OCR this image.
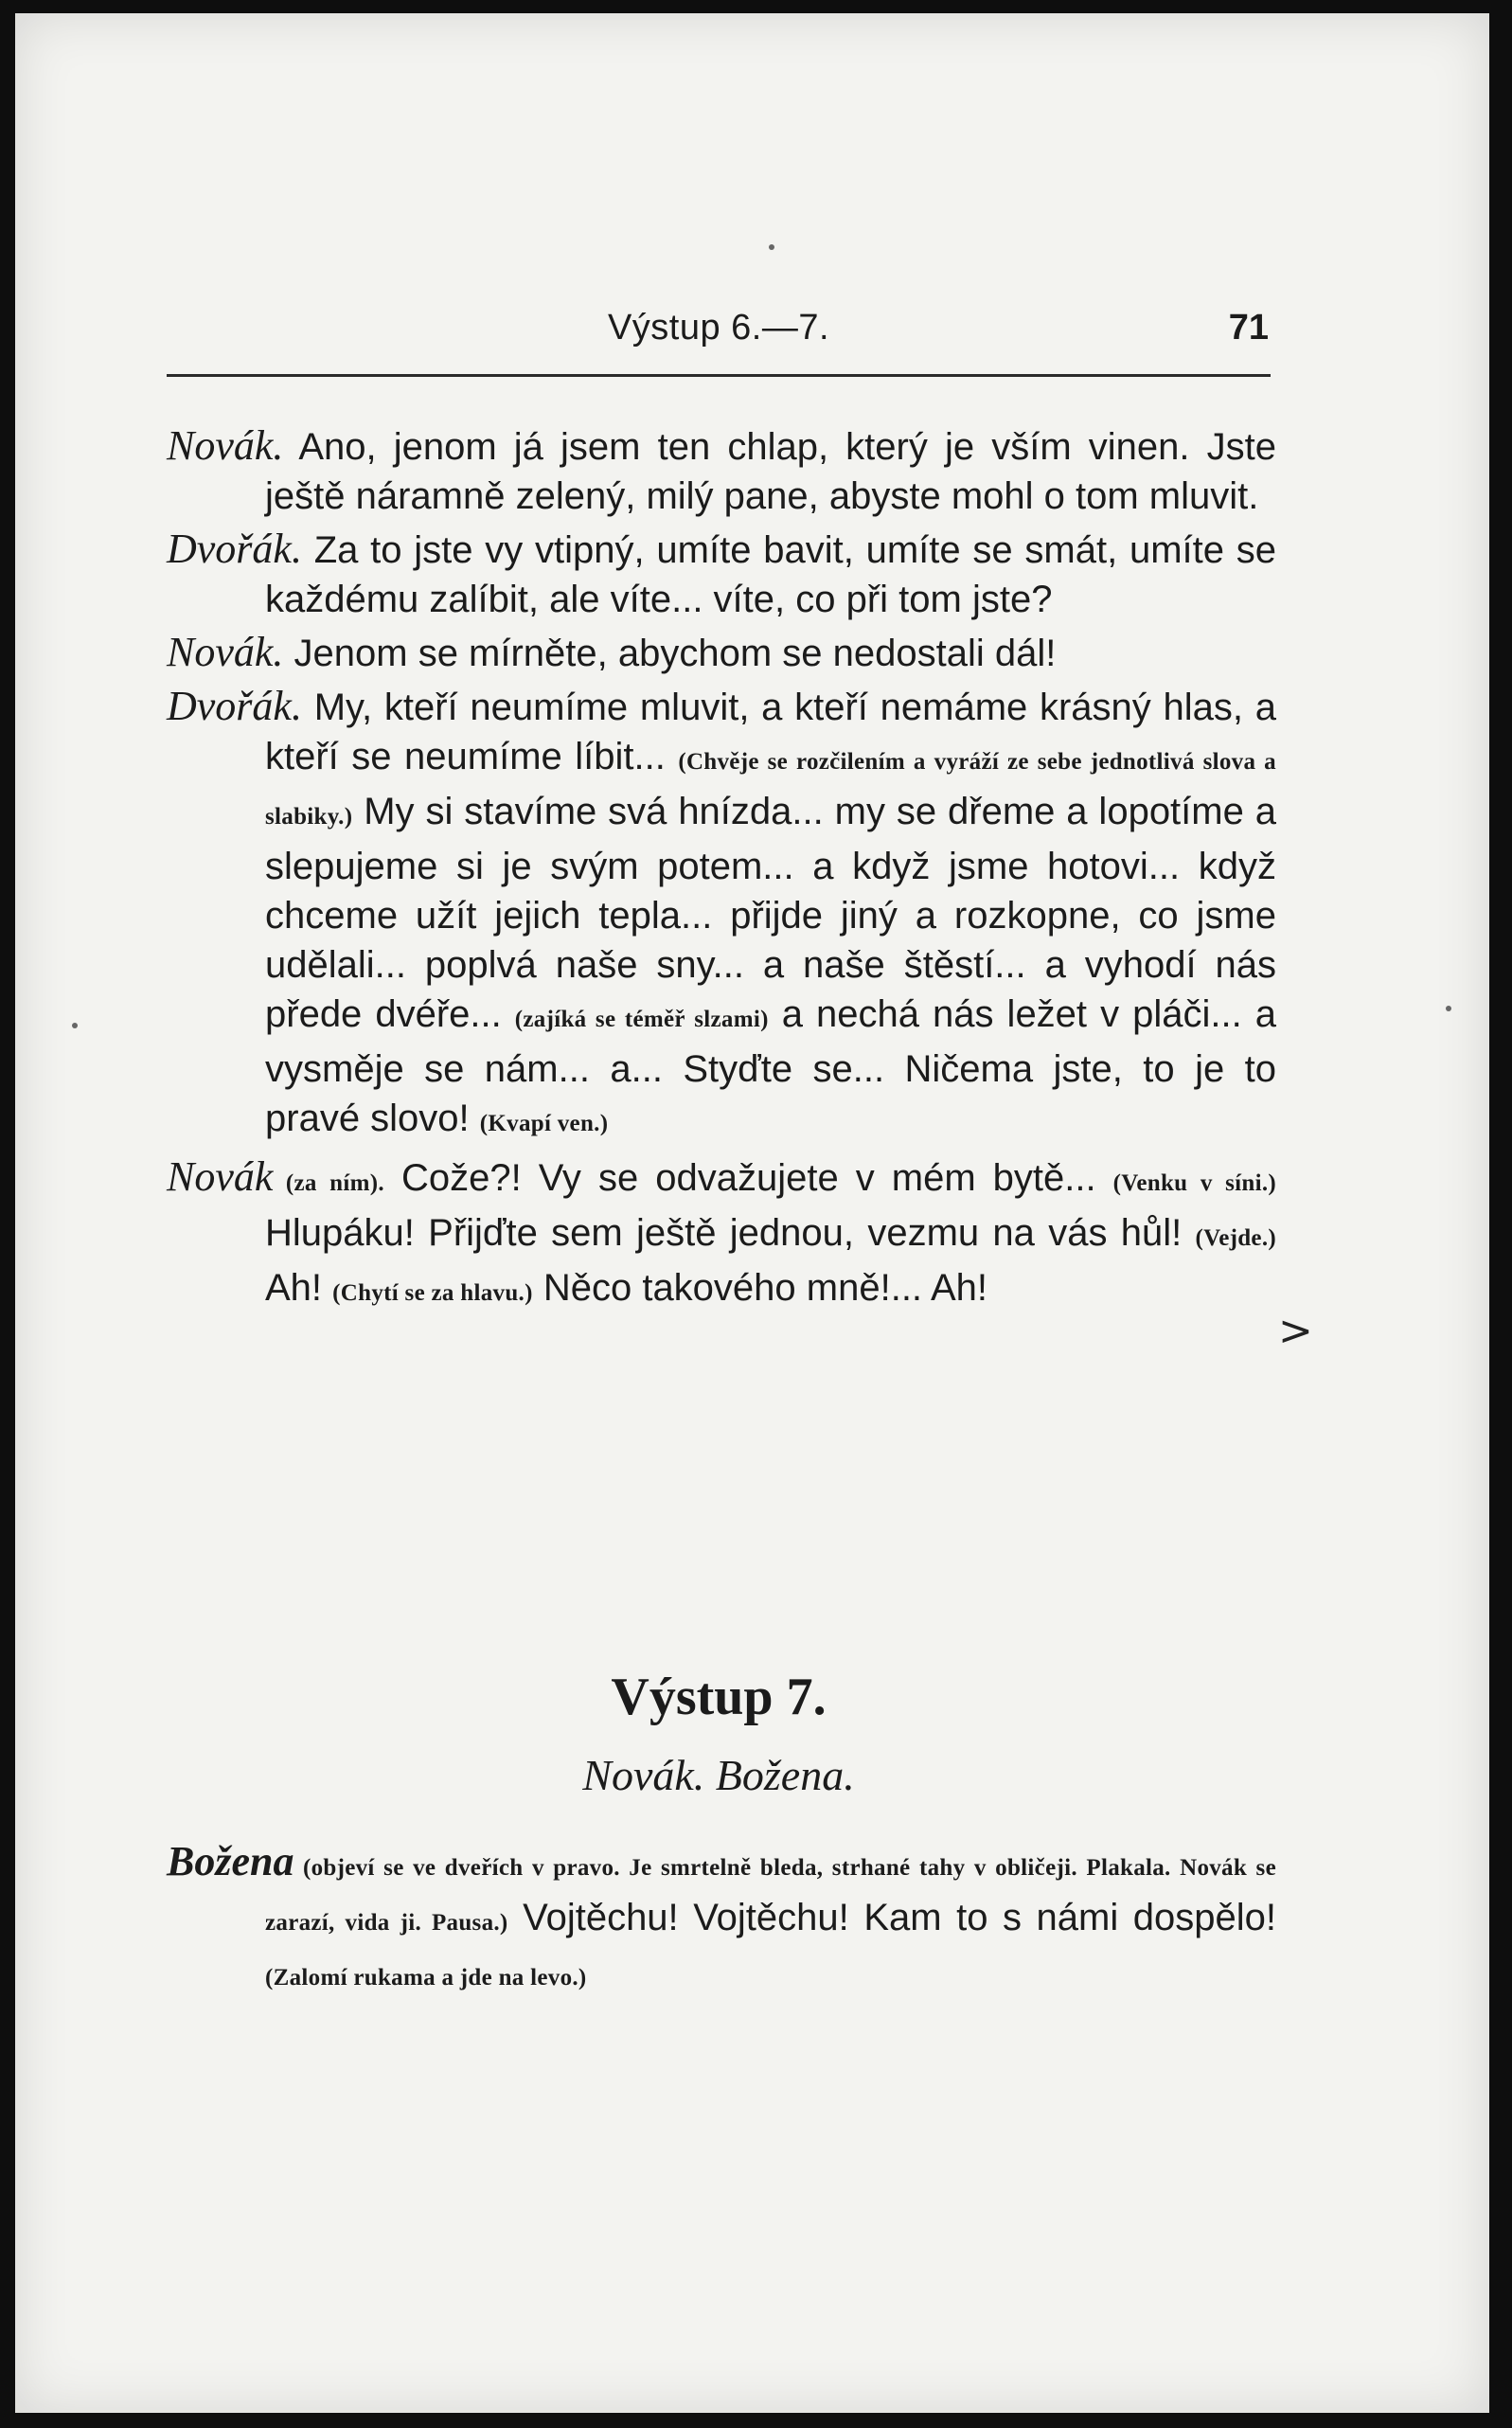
Výstup 6.—7.	71

Novák. Ano, jenom já jsem ten chlap, který je vším vinen. Jste ještě náramně zelený, milý pane, abyste mohl o tom mluvit.

Dvořák. Za to jste vy vtipný, umíte bavit, umíte se smát, umíte se každému zalíbit, ale víte... víte, co při tom jste?

Novák. Jenom se mírněte, abychom se nedostali dál!

Dvořák. My, kteří neumíme mluvit, a kteří nemáme krásný hlas, a kteří se neumíme líbit... (Chvěje se rozčilením a vyráží ze sebe jednotlivá slova a slabiky.) My si stavíme svá hnízda... my se dřeme a lopotíme a slepujeme si je svým potem... a když jsme hotovi... když chceme užít jejich tepla... přijde jiný a rozkopne, co jsme udělali... poplvá naše sny... a naše štěstí... a vyhodí nás přede dvéře... (zajíká se téměř slzami) a nechá nás ležet v pláči... a vysměje se nám... a... Styďte se... Ničema jste, to je to pravé slovo! (Kvapí ven.)

Novák (za ním). Cože?! Vy se odvažujete v mém bytě... (Venku v síni.) Hlupáku! Přijďte sem ještě jednou, vezmu na vás hůl! (Vejde.) Ah! (Chytí se za hlavu.) Něco takového mně!... Ah!

>
Výstup 7.
Novák. Božena.

Božena (objeví se ve dveřích v pravo. Je smrtelně bleda, strhané tahy v obličeji. Plakala. Novák se zarazí, vida ji. Pausa.) Vojtěchu! Vojtěchu! Kam to s námi dospělo! (Zalomí rukama a jde na levo.)
